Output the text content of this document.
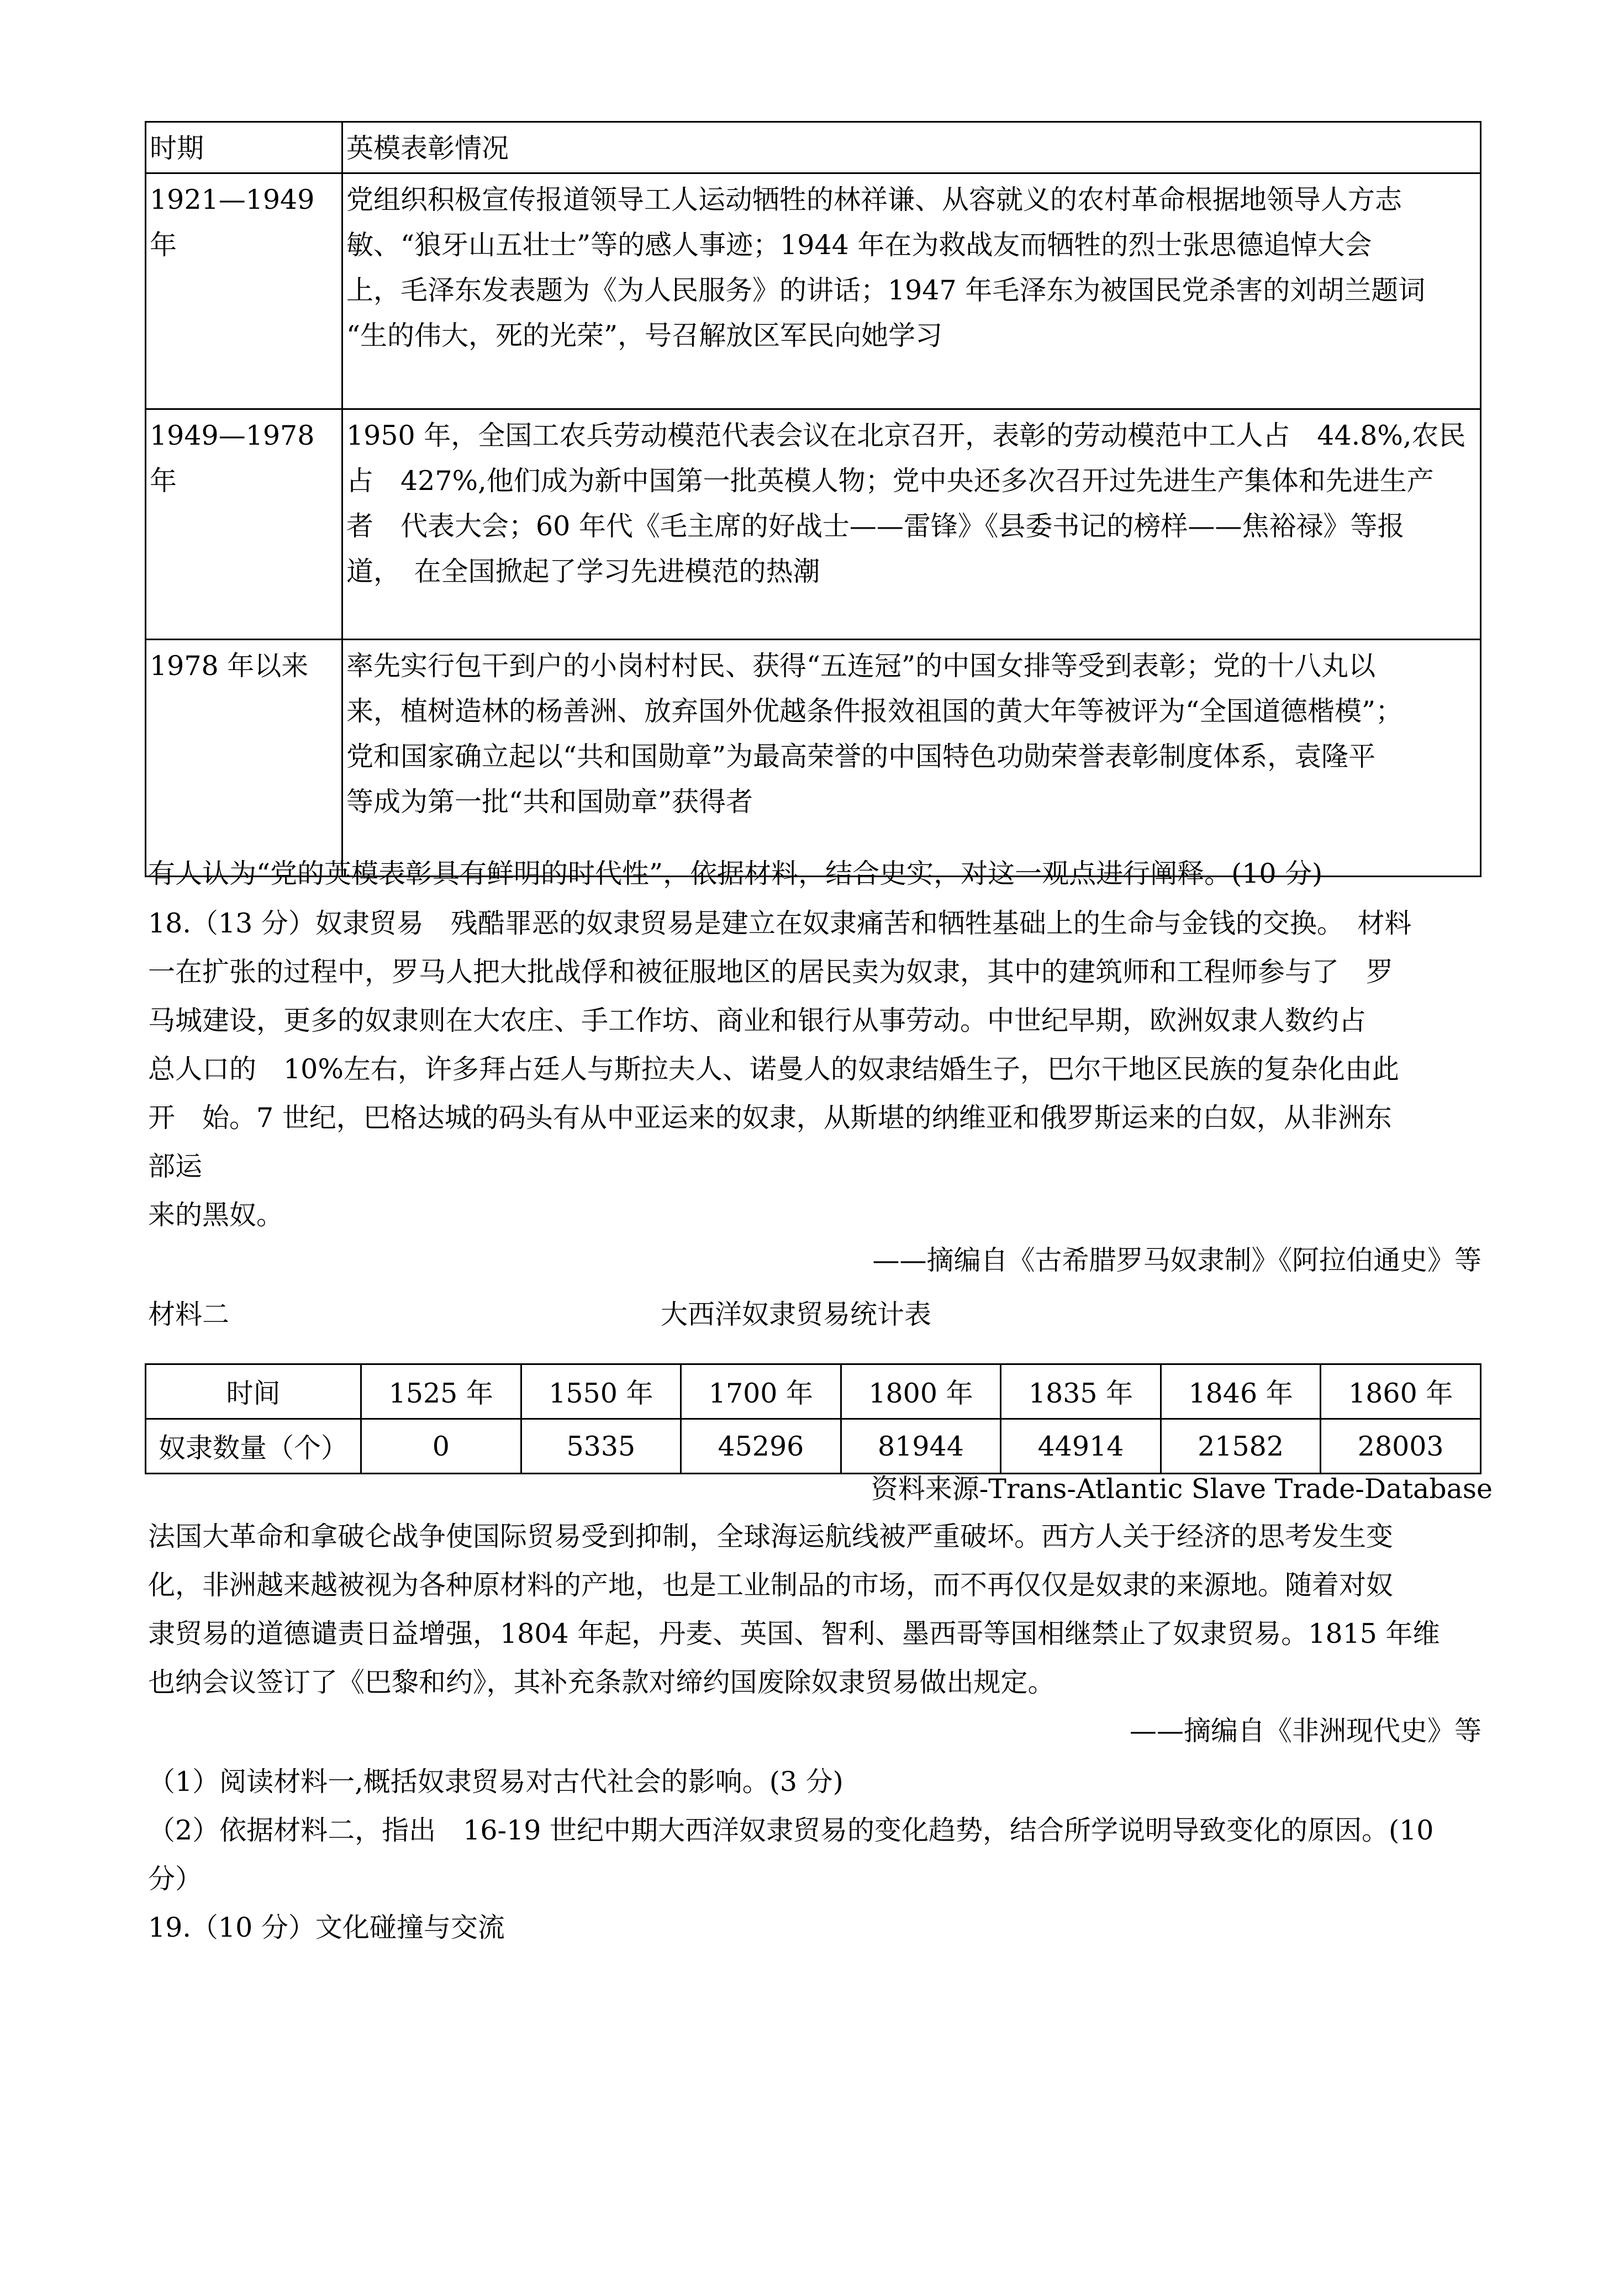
时期	英模表彰情况
1921—1949 年	党组织积极宣传报道领导工人运动牺牲的林祥谦、从容就义的农村革命根据地领导人方志
敏、“狼牙山五壮士”等的感人事迹；1944 年在为救战友而牺牲的烈士张思德追悼大会
上，毛泽东发表题为《为人民服务》的讲话；1947 年毛泽东为被国民党杀害的刘胡兰题词
“生的伟大，死的光荣”，号召解放区军民向她学习

1949—1978 年	1950 年，全国工农兵劳动模范代表会议在北京召开，表彰的劳动模范中工人占　44.8%,农民
占　427%,他们成为新中国第一批英模人物；党中央还多次召开过先进生产集体和先进生产
者　代表大会；60 年代《毛主席的好战士——雷锋》《县委书记的榜样——焦裕禄》等报
道，　在全国掀起了学习先进模范的热潮

1978 年以来	率先实行包干到户的小岗村村民、获得“五连冠”的中国女排等受到表彰；党的十八丸以
来，植树造林的杨善洲、放弃国外优越条件报效祖国的黄大年等被评为“全国道德楷模”；
党和国家确立起以“共和国勋章”为最高荣誉的中国特色功勋荣誉表彰制度体系，袁隆平
等成为第一批“共和国勋章”获得者
有人认为“党的英模表彰具有鲜明的时代性”，依据材料，结合史实，对这一观点进行阐释。(10 分)
18.（13 分）奴隶贸易　残酷罪恶的奴隶贸易是建立在奴隶痛苦和牺牲基础上的生命与金钱的交换。　材料
一在扩张的过程中，罗马人把大批战俘和被征服地区的居民卖为奴隶，其中的建筑师和工程师参与了　罗
马城建设，更多的奴隶则在大农庄、手工作坊、商业和银行从事劳动。中世纪早期，欧洲奴隶人数约占
总人口的　10%左右，许多拜占廷人与斯拉夫人、诺曼人的奴隶结婚生子，巴尔干地区民族的复杂化由此
开　始。7 世纪，巴格达城的码头有从中亚运来的奴隶，从斯堪的纳维亚和俄罗斯运来的白奴，从非洲东
部运
来的黑奴。
——摘编自《古希腊罗马奴隶制》《阿拉伯通史》等
材料二	大西洋奴隶贸易统计表
时间	1525 年	1550 年	1700 年	1800 年	1835 年	1846 年	1860 年
奴隶数量（个）	0	5335	45296	81944	44914	21582	28003
资料来源-Trans-Atlantic Slave Trade-Database
法国大革命和拿破仑战争使国际贸易受到抑制，全球海运航线被严重破坏。西方人关于经济的思考发生变
化，非洲越来越被视为各种原材料的产地，也是工业制品的市场，而不再仅仅是奴隶的来源地。随着对奴
隶贸易的道德谴责日益增强，1804 年起，丹麦、英国、智利、墨西哥等国相继禁止了奴隶贸易。1815 年维
也纳会议签订了《巴黎和约》，其补充条款对缔约国废除奴隶贸易做出规定。
——摘编自《非洲现代史》等
（1）阅读材料一,概括奴隶贸易对古代社会的影响。(3 分)
（2）依据材料二，指出　16-19 世纪中期大西洋奴隶贸易的变化趋势，结合所学说明导致变化的原因。(10
分）
19.（10 分）文化碰撞与交流
